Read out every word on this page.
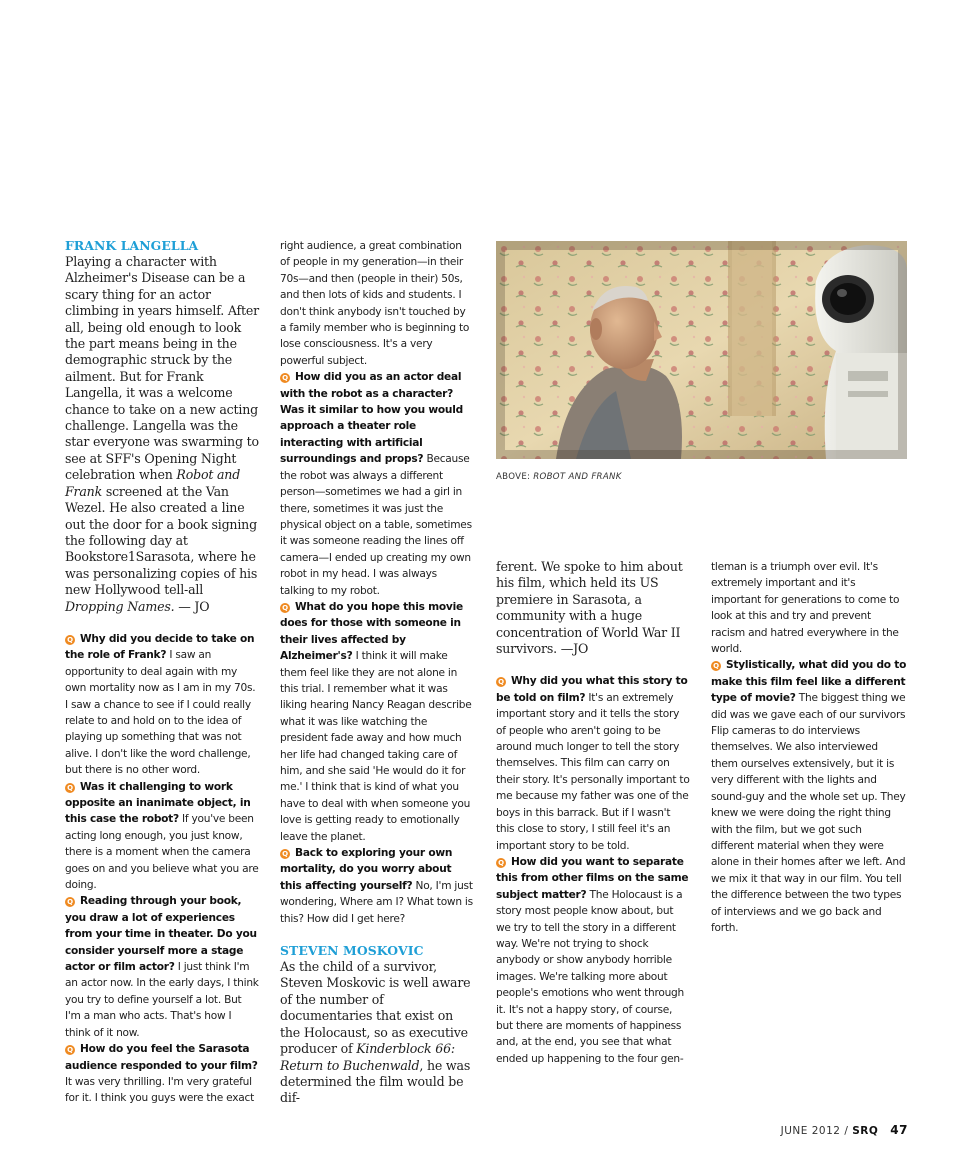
FRANK LANGELLA

Playing a character with Alzheimer's Disease can be a scary thing for an actor climbing in years himself. After all, being old enough to look the part means being in the demographic struck by the ailment. But for Frank Langella, it was a welcome chance to take on a new acting challenge. Langella was the star everyone was swarming to see at SFF's Opening Night celebration when Robot and Frank screened at the Van Wezel. He also created a line out the door for a book signing the following day at Bookstore1Sarasota, where he was personalizing copies of his new Hollywood tell-all Dropping Names. — JO

Q Why did you decide to take on the role of Frank? I saw an opportunity to deal again with my own mortality now as I am in my 70s. I saw a chance to see if I could really relate to and hold on to the idea of playing up something that was not alive. I don't like the word challenge, but there is no other word.

Q Was it challenging to work opposite an inanimate object, in this case the robot? If you've been acting long enough, you just know, there is a moment when the camera goes on and you believe what you are doing.

Q Reading through your book, you draw a lot of experiences from your time in theater. Do you consider yourself more a stage actor or film actor? I just think I'm an actor now. In the early days, I think you try to define yourself a lot. But I'm a man who acts. That's how I think of it now.

Q How do you feel the Sarasota audience responded to your film? It was very thrilling. I'm very grateful for it. I think you guys were the exact

right audience, a great combination of people in my generation—in their 70s—and then (people in their) 50s, and then lots of kids and students. I don't think anybody isn't touched by a family member who is beginning to lose consciousness. It's a very powerful subject.

Q How did you as an actor deal with the robot as a character? Was it similar to how you would approach a theater role interacting with artificial surroundings and props? Because the robot was always a different person—sometimes we had a girl in there, sometimes it was just the physical object on a table, sometimes it was someone reading the lines off camera—I ended up creating my own robot in my head. I was always talking to my robot.

Q What do you hope this movie does for those with someone in their lives affected by Alzheimer's? I think it will make them feel like they are not alone in this trial. I remember what it was liking hearing Nancy Reagan describe what it was like watching the president fade away and how much her life had changed taking care of him, and she said 'He would do it for me.' I think that is kind of what you have to deal with when someone you love is getting ready to emotionally leave the planet.

Q Back to exploring your own mortality, do you worry about this affecting yourself? No, I'm just wondering, Where am I? What town is this? How did I get here?

STEVEN MOSKOVIC

As the child of a survivor, Steven Moskovic is well aware of the number of documentaries that exist on the Holocaust, so as executive producer of Kinderblock 66: Return to Buchenwald, he was determined the film would be dif-

ABOVE: ROBOT AND FRANK

ferent. We spoke to him about his film, which held its US premiere in Sarasota, a community with a huge concentration of World War II survivors. —JO

Q Why did you what this story to be told on film? It's an extremely important story and it tells the story of people who aren't going to be around much longer to tell the story themselves. This film can carry on their story. It's personally important to me because my father was one of the boys in this barrack. But if I wasn't this close to story, I still feel it's an important story to be told.

Q How did you want to separate this from other films on the same subject matter? The Holocaust is a story most people know about, but we try to tell the story in a different way. We're not trying to shock anybody or show anybody horrible images. We're talking more about people's emotions who went through it. It's not a happy story, of course, but there are moments of happiness and, at the end, you see that what ended up happening to the four gen-

tleman is a triumph over evil. It's extremely important and it's important for generations to come to look at this and try and prevent racism and hatred everywhere in the world.

Q Stylistically, what did you do to make this film feel like a different type of movie? The biggest thing we did was we gave each of our survivors Flip cameras to do interviews themselves. We also interviewed them ourselves extensively, but it is very different with the lights and sound-guy and the whole set up. They knew we were doing the right thing with the film, but we got such different material when they were alone in their homes after we left. And we mix it that way in our film. You tell the difference between the two types of interviews and we go back and forth.

JUNE 2012 / SRQ 47
